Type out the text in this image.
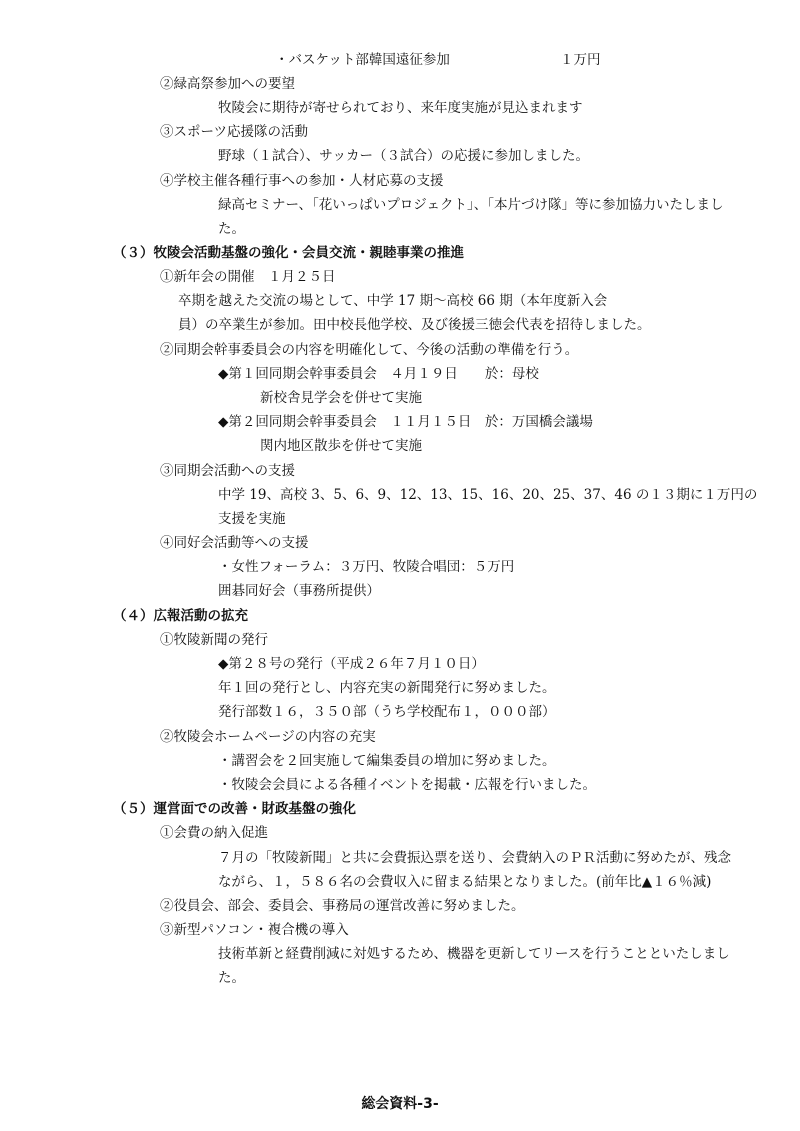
・バスケット部韓国遠征参加	１万円

②緑高祭参加への要望

牧陵会に期待が寄せられており、来年度実施が見込まれます

③スポーツ応援隊の活動

野球（１試合）、サッカー（３試合）の応援に参加しました。

④学校主催各種行事への参加・人材応募の支援

緑高セミナー、「花いっぱいプロジェクト」、「本片づけ隊」等に参加協力いたしまし

た。

（３）牧陵会活動基盤の強化・会員交流・親睦事業の推進

①新年会の開催　１月２５日

卒期を越えた交流の場として、中学 17 期～高校 66 期（本年度新入会

員）の卒業生が参加。田中校長他学校、及び後援三徳会代表を招待しました。

②同期会幹事委員会の内容を明確化して、今後の活動の準備を行う。

◆第１回同期会幹事委員会　４月１９日　　於：母校

新校舎見学会を併せて実施

◆第２回同期会幹事委員会　１１月１５日　於：万国橋会議場

関内地区散歩を併せて実施

③同期会活動への支援

中学 19、高校 3、5、6、9、12、13、15、16、20、25、37、46 の１３期に１万円の

支援を実施

④同好会活動等への支援

・女性フォーラム：３万円、牧陵合唱団：５万円

囲碁同好会（事務所提供）

（４）広報活動の拡充

①牧陵新聞の発行

◆第２８号の発行（平成２６年７月１０日）

年１回の発行とし、内容充実の新聞発行に努めました。

発行部数１６，３５０部（うち学校配布１，０００部）

②牧陵会ホームページの内容の充実

・講習会を２回実施して編集委員の増加に努めました。

・牧陵会会員による各種イベントを掲載・広報を行いました。

（５）運営面での改善・財政基盤の強化

①会費の納入促進

７月の「牧陵新聞」と共に会費振込票を送り、会費納入のＰＲ活動に努めたが、残念

ながら、１，５８６名の会費収入に留まる結果となりました。(前年比▲１６％減)

②役員会、部会、委員会、事務局の運営改善に努めました。

③新型パソコン・複合機の導入

技術革新と経費削減に対処するため、機器を更新してリースを行うことといたしまし

た。

総会資料-3-
